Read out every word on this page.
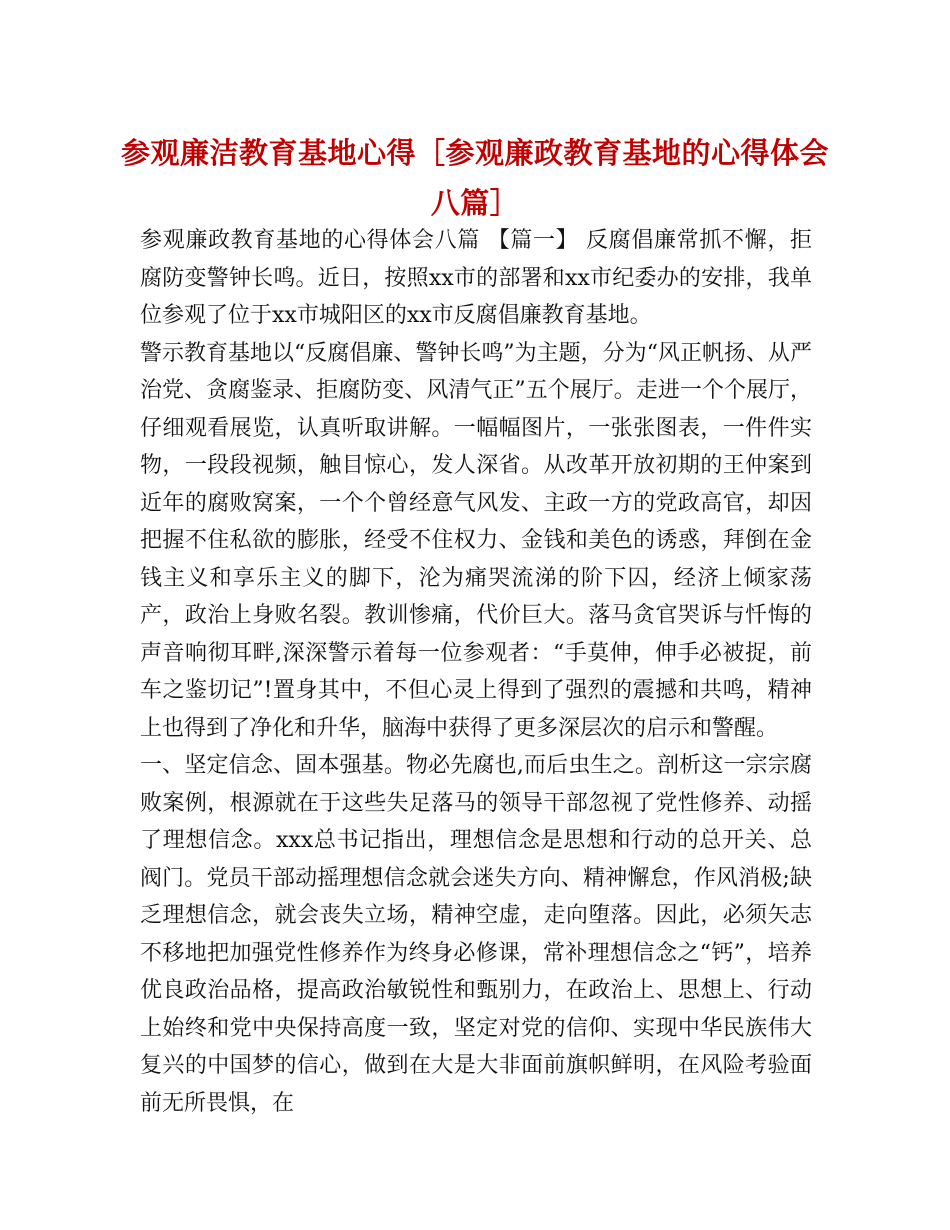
参观廉洁教育基地心得［参观廉政教育基地的心得体会八篇］

参观廉政教育基地的心得体会八篇 【篇一】 反腐倡廉常抓不懈，拒腐防变警钟长鸣。近日，按照xx市的部署和xx市纪委办的安排，我单位参观了位于xx市城阳区的xx市反腐倡廉教育基地。

警示教育基地以“反腐倡廉、警钟长鸣”为主题，分为“风正帆扬、从严治党、贪腐鉴录、拒腐防变、风清气正”五个展厅。走进一个个展厅，仔细观看展览，认真听取讲解。一幅幅图片，一张张图表，一件件实物，一段段视频，触目惊心，发人深省。从改革开放初期的王仲案到近年的腐败窝案，一个个曾经意气风发、主政一方的党政高官，却因把握不住私欲的膨胀，经受不住权力、金钱和美色的诱惑，拜倒在金钱主义和享乐主义的脚下，沦为痛哭流涕的阶下囚，经济上倾家荡产，政治上身败名裂。教训惨痛，代价巨大。落马贪官哭诉与忏悔的声音响彻耳畔,深深警示着每一位参观者：“手莫伸，伸手必被捉，前车之鉴切记”!置身其中，不但心灵上得到了强烈的震撼和共鸣，精神上也得到了净化和升华，脑海中获得了更多深层次的启示和警醒。

一、坚定信念、固本强基。物必先腐也,而后虫生之。剖析这一宗宗腐败案例，根源就在于这些失足落马的领导干部忽视了党性修养、动摇了理想信念。xxx总书记指出，理想信念是思想和行动的总开关、总阀门。党员干部动摇理想信念就会迷失方向、精神懈怠，作风消极;缺乏理想信念，就会丧失立场，精神空虚，走向堕落。因此，必须矢志不移地把加强党性修养作为终身必修课，常补理想信念之“钙”，培养优良政治品格，提高政治敏锐性和甄别力，在政治上、思想上、行动上始终和党中央保持高度一致，坚定对党的信仰、实现中华民族伟大复兴的中国梦的信心，做到在大是大非面前旗帜鲜明，在风险考验面前无所畏惧，在
